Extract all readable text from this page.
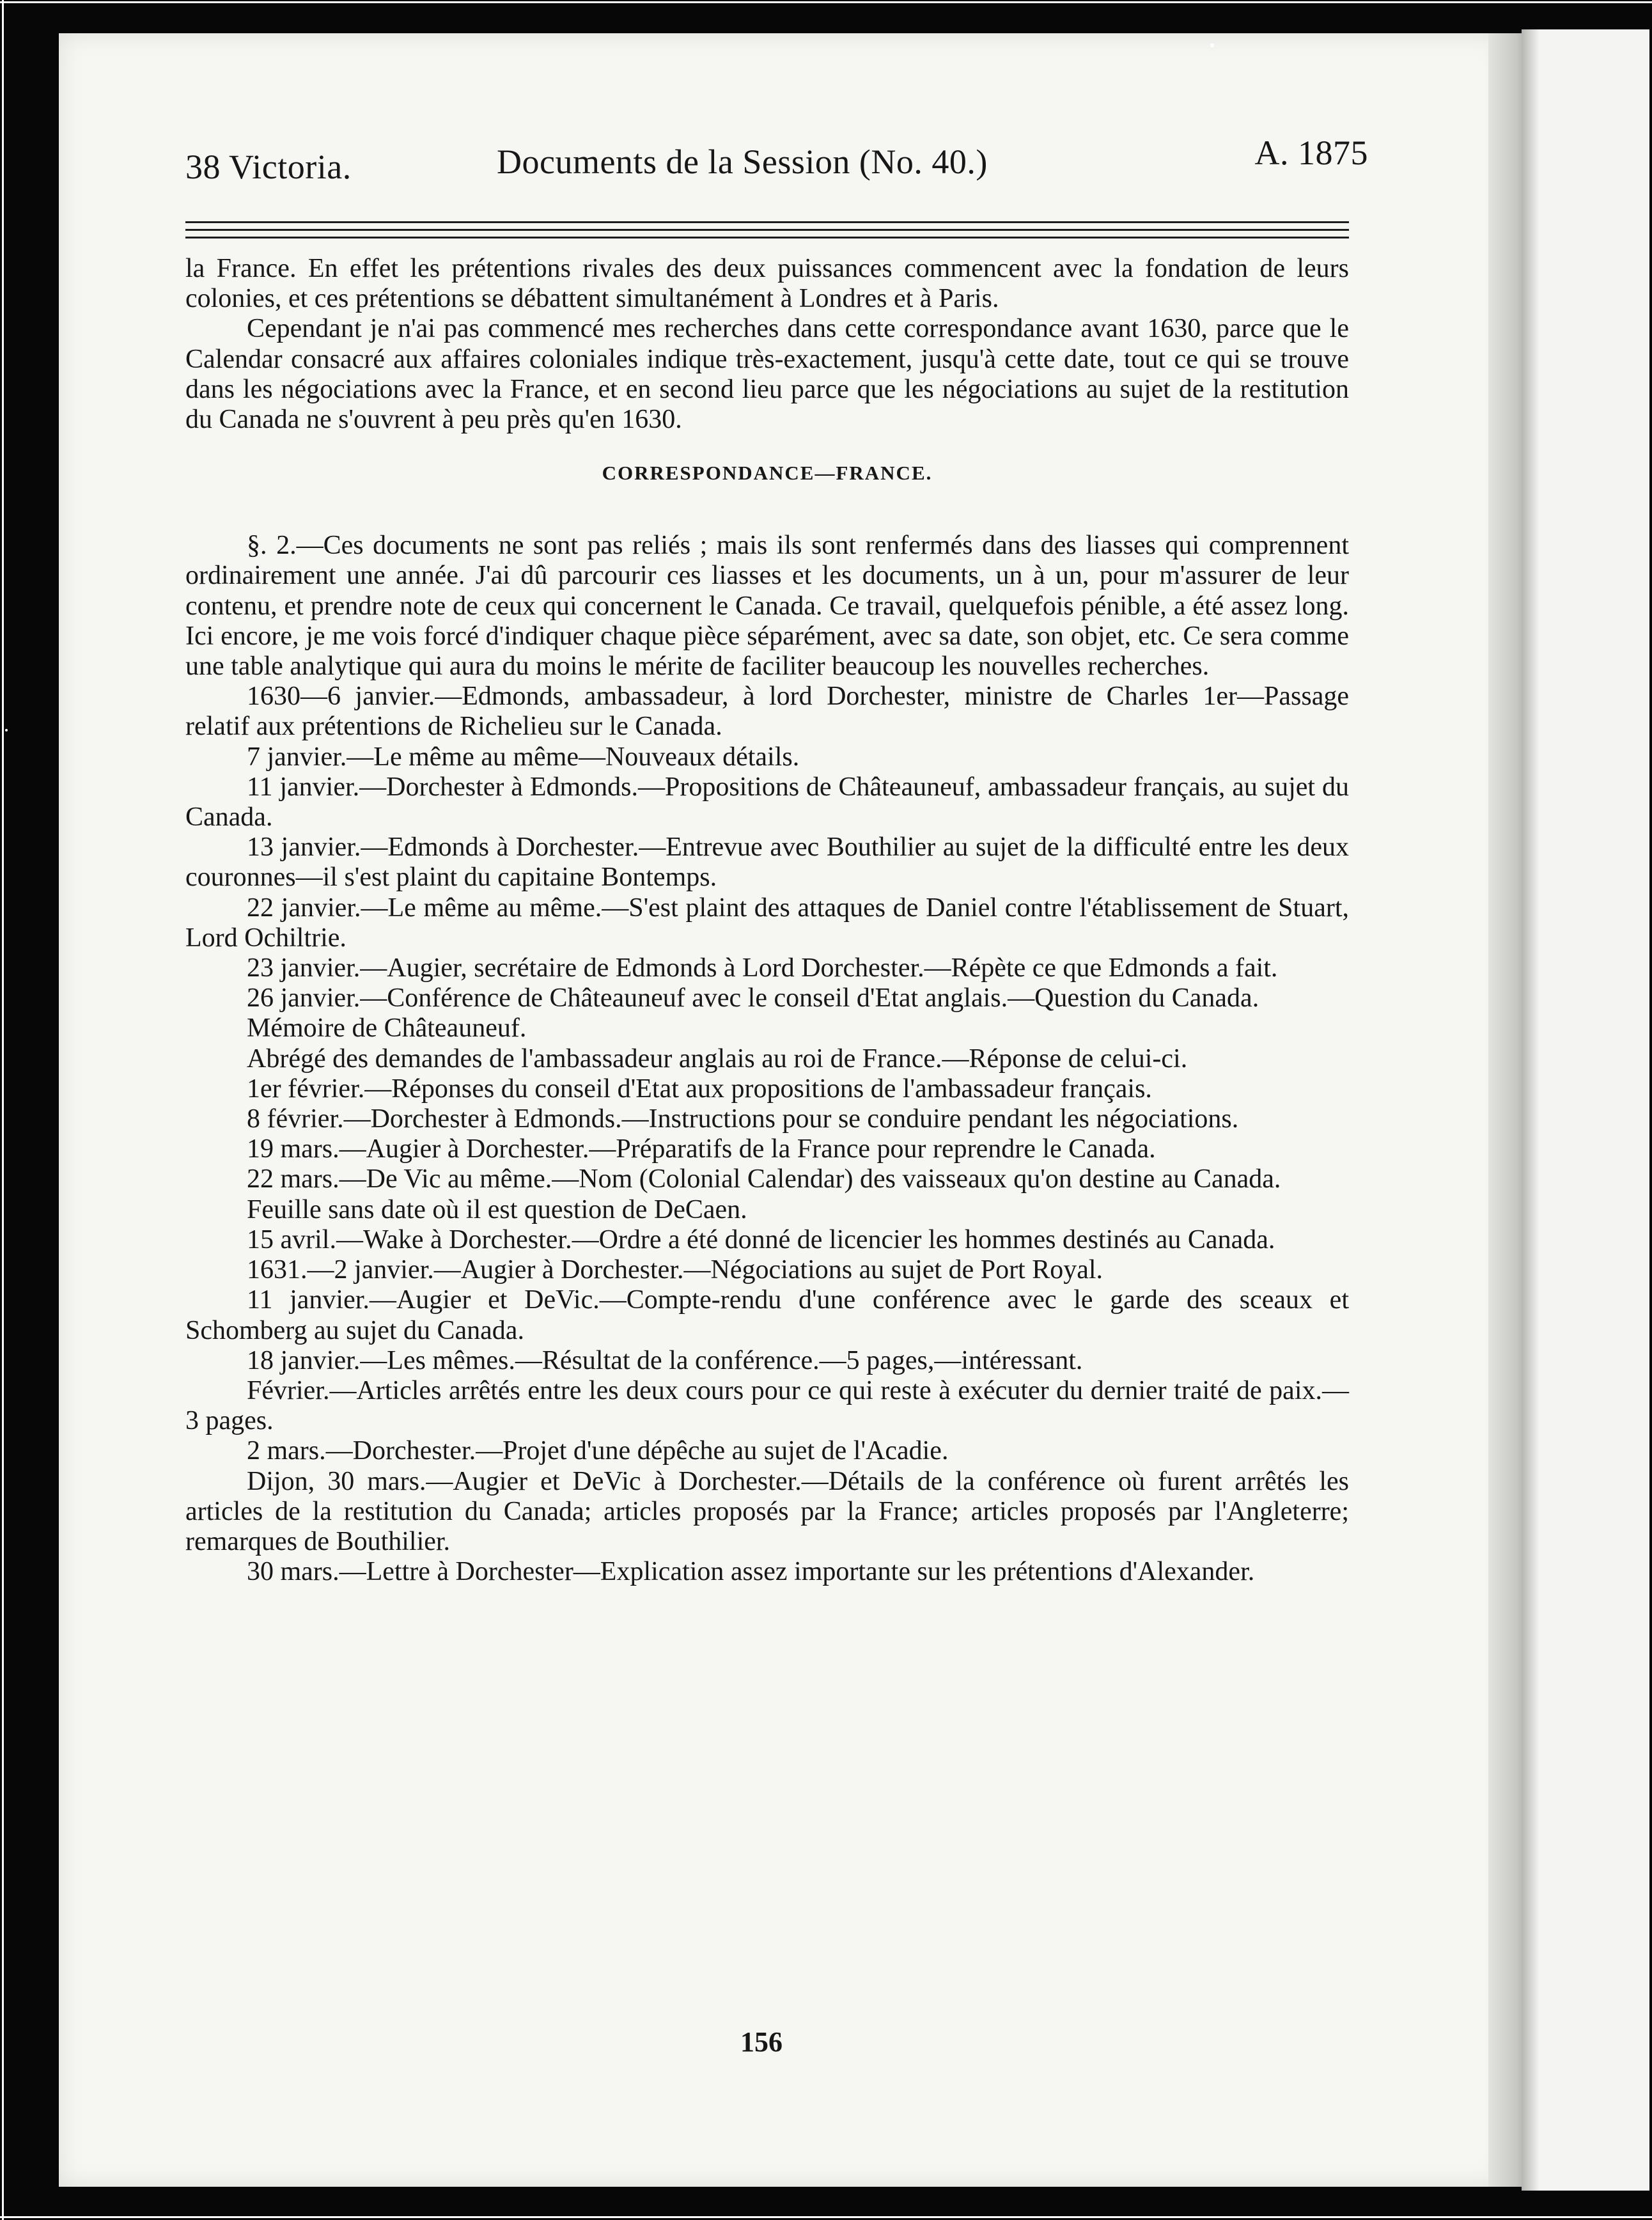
38 Victoria.	Documents de la Session (No. 40.)	A. 1875

la France. En effet les prétentions rivales des deux puissances commencent avec la fondation de leurs colonies, et ces prétentions se débattent simultanément à Londres et à Paris.

Cependant je n'ai pas commencé mes recherches dans cette correspondance avant 1630, parce que le Calendar consacré aux affaires coloniales indique très-exactement, jusqu'à cette date, tout ce qui se trouve dans les négociations avec la France, et en second lieu parce que les négociations au sujet de la restitution du Canada ne s'ouvrent à peu près qu'en 1630.

CORRESPONDANCE—FRANCE.

§. 2.—Ces documents ne sont pas reliés ; mais ils sont renfermés dans des liasses qui comprennent ordinairement une année. J'ai dû parcourir ces liasses et les documents, un à un, pour m'assurer de leur contenu, et prendre note de ceux qui concernent le Canada. Ce travail, quelquefois pénible, a été assez long. Ici encore, je me vois forcé d'indiquer chaque pièce séparément, avec sa date, son objet, etc. Ce sera comme une table analytique qui aura du moins le mérite de faciliter beaucoup les nouvelles recherches.

1630—6 janvier.—Edmonds, ambassadeur, à lord Dorchester, ministre de Charles 1er—Passage relatif aux prétentions de Richelieu sur le Canada.

7 janvier.—Le même au même—Nouveaux détails.

11 janvier.—Dorchester à Edmonds.—Propositions de Châteauneuf, ambassadeur français, au sujet du Canada.

13 janvier.—Edmonds à Dorchester.—Entrevue avec Bouthilier au sujet de la difficulté entre les deux couronnes—il s'est plaint du capitaine Bontemps.

22 janvier.—Le même au même.—S'est plaint des attaques de Daniel contre l'établissement de Stuart, Lord Ochiltrie.

23 janvier.—Augier, secrétaire de Edmonds à Lord Dorchester.—Répète ce que Edmonds a fait.

26 janvier.—Conférence de Châteauneuf avec le conseil d'Etat anglais.—Question du Canada.

Mémoire de Châteauneuf.

Abrégé des demandes de l'ambassadeur anglais au roi de France.—Réponse de celui-ci.

1er février.—Réponses du conseil d'Etat aux propositions de l'ambassadeur français.

8 février.—Dorchester à Edmonds.—Instructions pour se conduire pendant les négociations.

19 mars.—Augier à Dorchester.—Préparatifs de la France pour reprendre le Canada.

22 mars.—De Vic au même.—Nom (Colonial Calendar) des vaisseaux qu'on destine au Canada.

Feuille sans date où il est question de DeCaen.

15 avril.—Wake à Dorchester.—Ordre a été donné de licencier les hommes destinés au Canada.

1631.—2 janvier.—Augier à Dorchester.—Négociations au sujet de Port Royal.

11 janvier.—Augier et DeVic.—Compte-rendu d'une conférence avec le garde des sceaux et Schomberg au sujet du Canada.

18 janvier.—Les mêmes.—Résultat de la conférence.—5 pages,—intéressant.

Février.—Articles arrêtés entre les deux cours pour ce qui reste à exécuter du dernier traité de paix.—3 pages.

2 mars.—Dorchester.—Projet d'une dépêche au sujet de l'Acadie.

Dijon, 30 mars.—Augier et DeVic à Dorchester.—Détails de la conférence où furent arrêtés les articles de la restitution du Canada; articles proposés par la France; articles proposés par l'Angleterre; remarques de Bouthilier.

30 mars.—Lettre à Dorchester—Explication assez importante sur les prétentions d'Alexander.

156
